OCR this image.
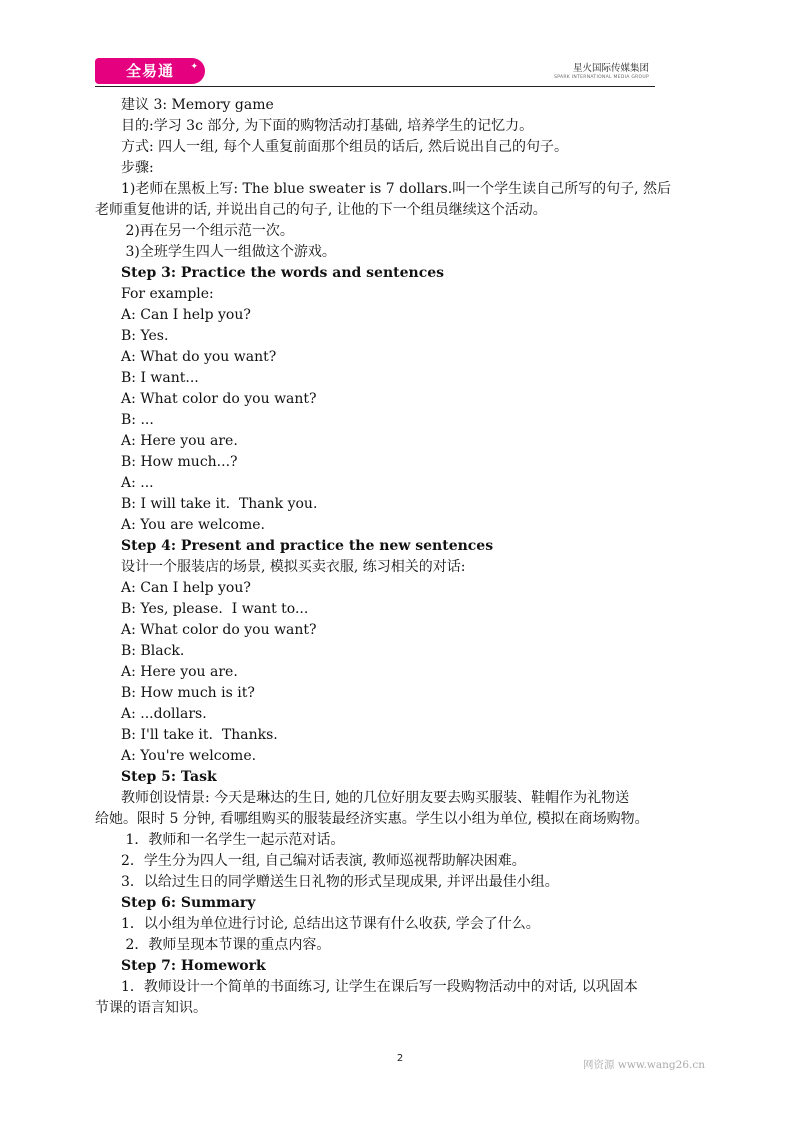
全易通 ✦	星火国际传媒集团
SPARK INTERNATIONAL MEDIA GROUP
建议 3: Memory game
目的:学习 3c 部分, 为下面的购物活动打基础, 培养学生的记忆力。
方式: 四人一组, 每个人重复前面那个组员的话后, 然后说出自己的句子。
步骤:
1)老师在黑板上写: The blue sweater is 7 dollars.叫一个学生读自己所写的句子, 然后
老师重复他讲的话, 并说出自己的句子, 让他的下一个组员继续这个活动。
2)再在另一个组示范一次。
3)全班学生四人一组做这个游戏。
Step 3: Practice the words and sentences
For example:
A: Can I help you?
B: Yes.
A: What do you want?
B: I want...
A: What color do you want?
B: ...
A: Here you are.
B: How much...?
A: ...
B: I will take it.  Thank you.
A: You are welcome.
Step 4: Present and practice the new sentences
设计一个服装店的场景, 模拟买卖衣服, 练习相关的对话:
A: Can I help you?
B: Yes, please.  I want to...
A: What color do you want?
B: Black.
A: Here you are.
B: How much is it?
A: ...dollars.
B: I'll take it.  Thanks.
A: You're welcome.
Step 5: Task
教师创设情景: 今天是琳达的生日, 她的几位好朋友要去购买服装、鞋帽作为礼物送
给她。限时 5 分钟, 看哪组购买的服装最经济实惠。学生以小组为单位, 模拟在商场购物。
1．教师和一名学生一起示范对话。
2．学生分为四人一组, 自己编对话表演, 教师巡视帮助解决困难。
3．以给过生日的同学赠送生日礼物的形式呈现成果, 并评出最佳小组。
Step 6: Summary
1．以小组为单位进行讨论, 总结出这节课有什么收获, 学会了什么。
2．教师呈现本节课的重点内容。
Step 7: Homework
1．教师设计一个简单的书面练习, 让学生在课后写一段购物活动中的对话, 以巩固本
节课的语言知识。
2
网资源 www.wang26.cn
